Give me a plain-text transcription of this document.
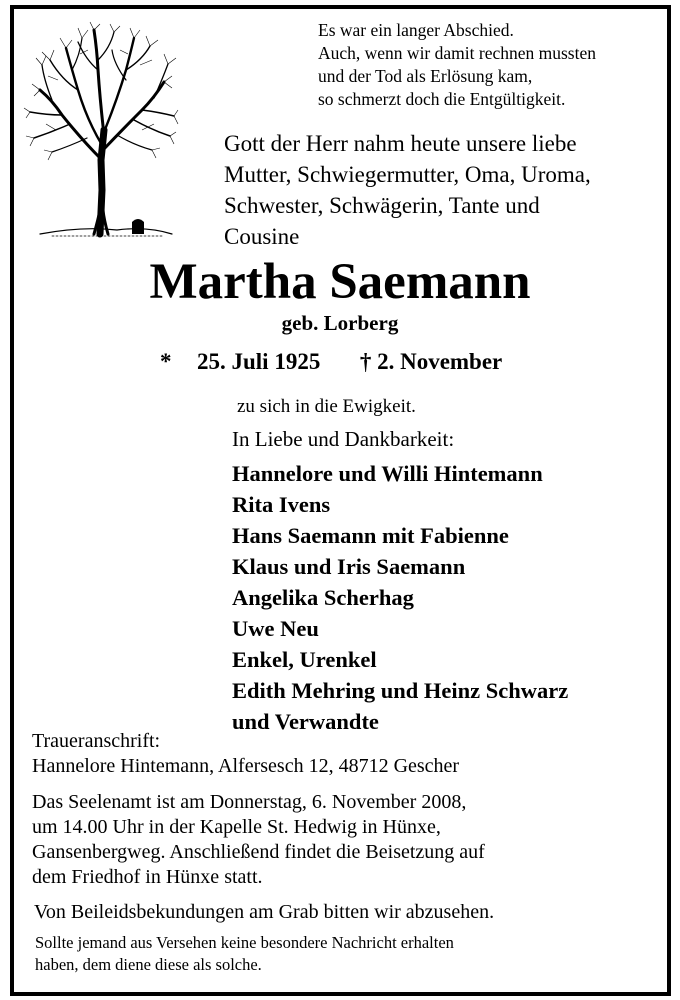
Es war ein langer Abschied.
Auch, wenn wir damit rechnen mussten
und der Tod als Erlösung kam,
so schmerzt doch die Entgültigkeit.
Gott der Herr nahm heute unsere liebe
Mutter, Schwiegermutter, Oma, Uroma,
Schwester, Schwägerin, Tante und
Cousine
Martha Saemann
geb. Lorberg
* 25. Juli 1925 † 2. November
zu sich in die Ewigkeit.
In Liebe und Dankbarkeit:
Hannelore und Willi Hintemann
Rita Ivens
Hans Saemann mit Fabienne
Klaus und Iris Saemann
Angelika Scherhag
Uwe Neu
Enkel, Urenkel
Edith Mehring und Heinz Schwarz
und Verwandte
Traueranschrift:
Hannelore Hintemann, Alfersesch 12, 48712 Gescher
Das Seelenamt ist am Donnerstag, 6. November 2008,
um 14.00 Uhr in der Kapelle St. Hedwig in Hünxe,
Gansenbergweg. Anschließend findet die Beisetzung auf
dem Friedhof in Hünxe statt.
Von Beileidsbekundungen am Grab bitten wir abzusehen.
Sollte jemand aus Versehen keine besondere Nachricht erhalten
haben, dem diene diese als solche.
